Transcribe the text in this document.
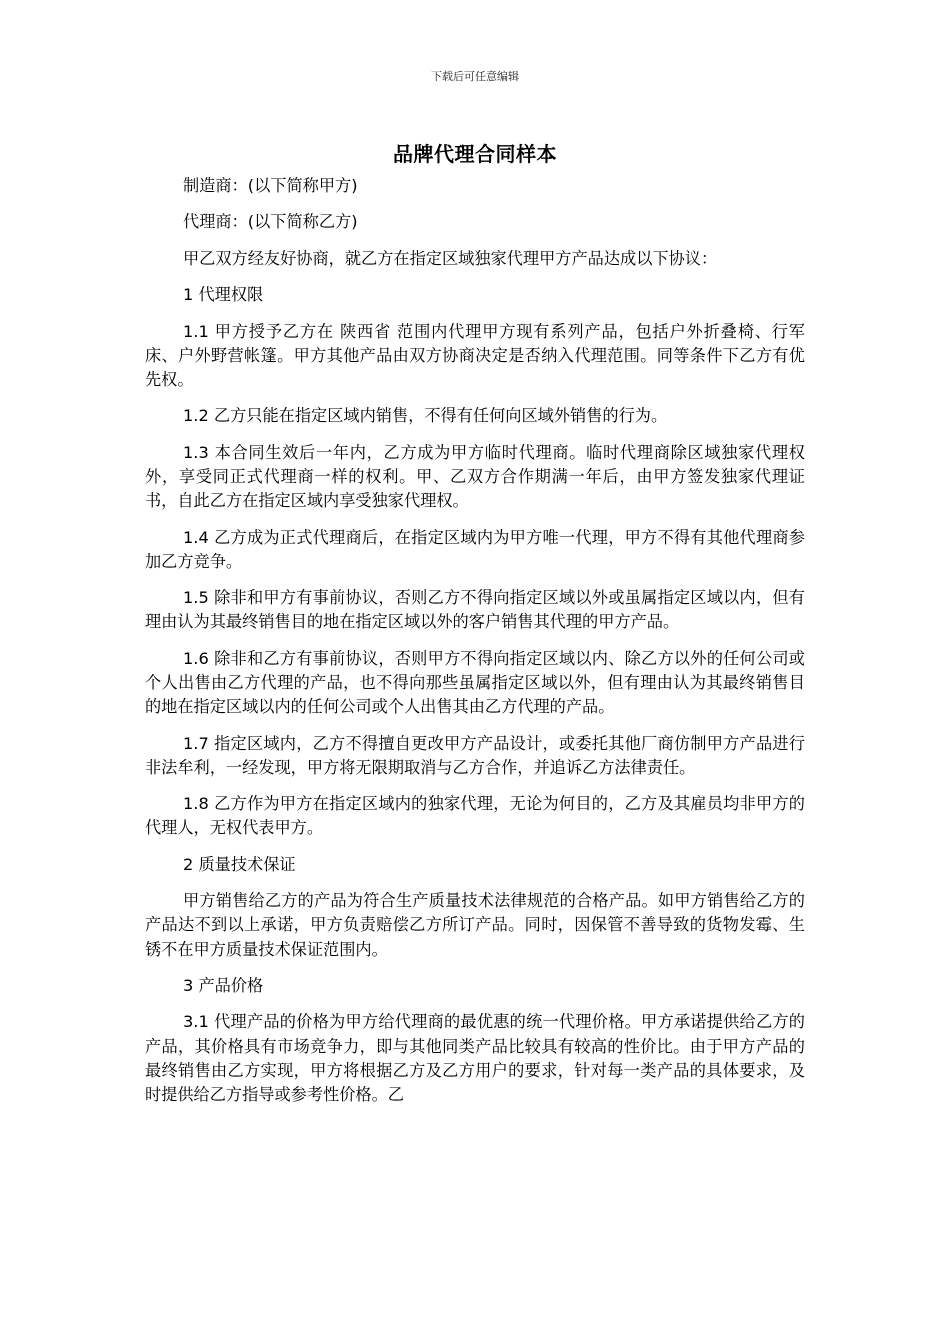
下载后可任意编辑
品牌代理合同样本

制造商：(以下简称甲方)

代理商：(以下简称乙方)

甲乙双方经友好协商，就乙方在指定区域独家代理甲方产品达成以下协议：

1 代理权限

1.1 甲方授予乙方在 陕西省 范围内代理甲方现有系列产品，包括户外折叠椅、行军床、户外野营帐篷。甲方其他产品由双方协商决定是否纳入代理范围。同等条件下乙方有优先权。

1.2 乙方只能在指定区域内销售，不得有任何向区域外销售的行为。

1.3 本合同生效后一年内，乙方成为甲方临时代理商。临时代理商除区域独家代理权外，享受同正式代理商一样的权利。甲、乙双方合作期满一年后，由甲方签发独家代理证书，自此乙方在指定区域内享受独家代理权。

1.4 乙方成为正式代理商后，在指定区域内为甲方唯一代理，甲方不得有其他代理商参加乙方竞争。

1.5 除非和甲方有事前协议，否则乙方不得向指定区域以外或虽属指定区域以内，但有理由认为其最终销售目的地在指定区域以外的客户销售其代理的甲方产品。

1.6 除非和乙方有事前协议，否则甲方不得向指定区域以内、除乙方以外的任何公司或个人出售由乙方代理的产品，也不得向那些虽属指定区域以外，但有理由认为其最终销售目的地在指定区域以内的任何公司或个人出售其由乙方代理的产品。

1.7 指定区域内，乙方不得擅自更改甲方产品设计，或委托其他厂商仿制甲方产品进行非法牟利，一经发现，甲方将无限期取消与乙方合作，并追诉乙方法律责任。

1.8 乙方作为甲方在指定区域内的独家代理，无论为何目的，乙方及其雇员均非甲方的代理人，无权代表甲方。

2 质量技术保证

甲方销售给乙方的产品为符合生产质量技术法律规范的合格产品。如甲方销售给乙方的产品达不到以上承诺，甲方负责赔偿乙方所订产品。同时，因保管不善导致的货物发霉、生锈不在甲方质量技术保证范围内。

3 产品价格

3.1 代理产品的价格为甲方给代理商的最优惠的统一代理价格。甲方承诺提供给乙方的产品，其价格具有市场竞争力，即与其他同类产品比较具有较高的性价比。由于甲方产品的最终销售由乙方实现，甲方将根据乙方及乙方用户的要求，针对每一类产品的具体要求，及时提供给乙方指导或参考性价格。乙
